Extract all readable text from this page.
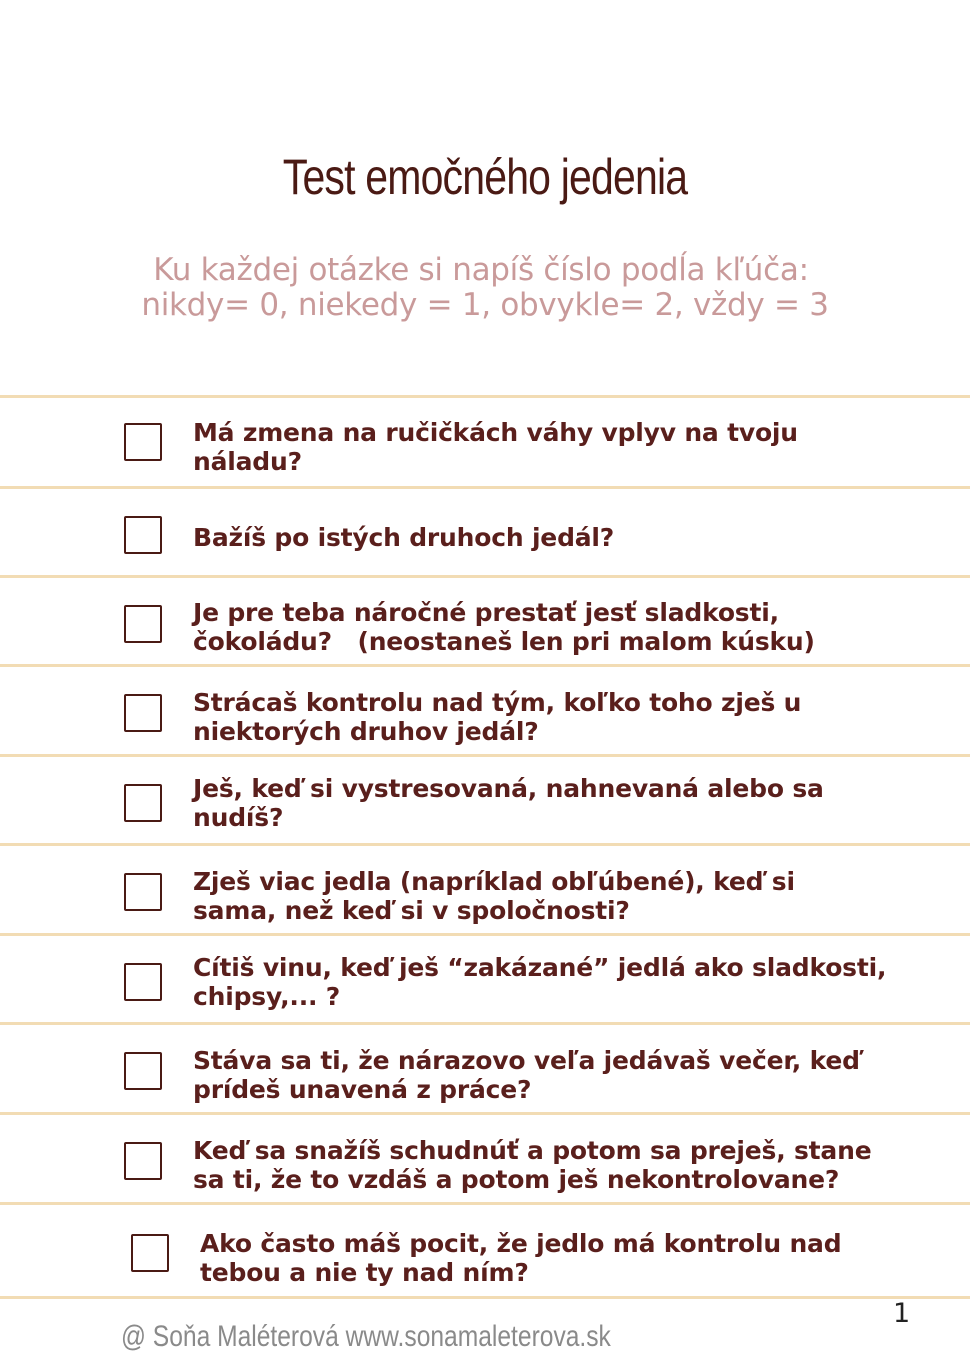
Test emočného jedenia
Ku každej otázke si napíš číslo podĺa kľúča:
nikdy= 0, niekedy = 1, obvykle= 2, vždy = 3
Má zmena na ručičkách váhy vplyv na tvoju
náladu?
Bažíš po istých druhoch jedál?
Je pre teba náročné prestať jesť sladkosti,
čokoládu?   (neostaneš len pri malom kúsku)
Strácaš kontrolu nad tým, koľko toho zješ u
niektorých druhov jedál?
Ješ, keď si vystresovaná, nahnevaná alebo sa
nudíš?
Zješ viac jedla (napríklad obľúbené), keď si
sama, než keď si v spoločnosti?
Cítiš vinu, keď ješ “zakázané” jedlá ako sladkosti,
chipsy,... ?
Stáva sa ti, že nárazovo veľa jedávaš večer, keď
prídeš unavená z práce?
Keď sa snažíš schudnúť a potom sa preješ, stane
sa ti, že to vzdáš a potom ješ nekontrolovane?
Ako často máš pocit, že jedlo má kontrolu nad
tebou a nie ty nad ním?
@ Soňa Maléterová www.sonamaleterova.sk
1
